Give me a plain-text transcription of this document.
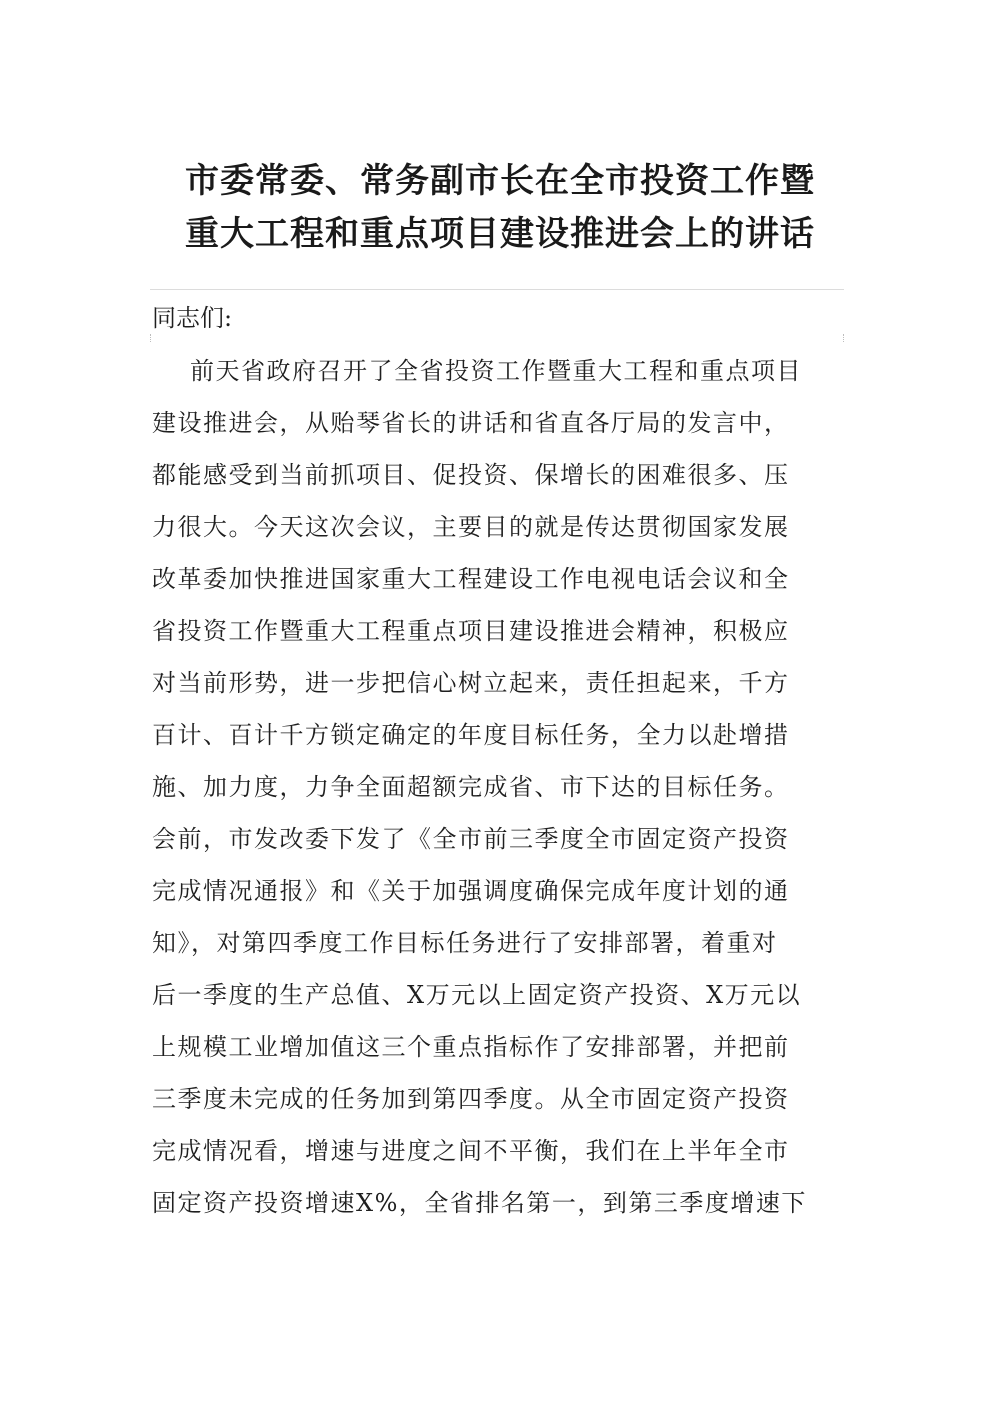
市委常委、常务副市长在全市投资工作暨
重大工程和重点项目建设推进会上的讲话
同志们:
前天省政府召开了全省投资工作暨重大工程和重点项目
建设推进会，从贻琴省长的讲话和省直各厅局的发言中，
都能感受到当前抓项目、促投资、保增长的困难很多、压
力很大。今天这次会议，主要目的就是传达贯彻国家发展
改革委加快推进国家重大工程建设工作电视电话会议和全
省投资工作暨重大工程重点项目建设推进会精神，积极应
对当前形势，进一步把信心树立起来，责任担起来，千方
百计、百计千方锁定确定的年度目标任务，全力以赴增措
施、加力度，力争全面超额完成省、市下达的目标任务。
会前，市发改委下发了《全市前三季度全市固定资产投资
完成情况通报》和《关于加强调度确保完成年度计划的通
知》，对第四季度工作目标任务进行了安排部署，着重对
后一季度的生产总值、X万元以上固定资产投资、X万元以
上规模工业增加值这三个重点指标作了安排部署，并把前
三季度未完成的任务加到第四季度。从全市固定资产投资
完成情况看，增速与进度之间不平衡，我们在上半年全市
固定资产投资增速X%，全省排名第一，到第三季度增速下
